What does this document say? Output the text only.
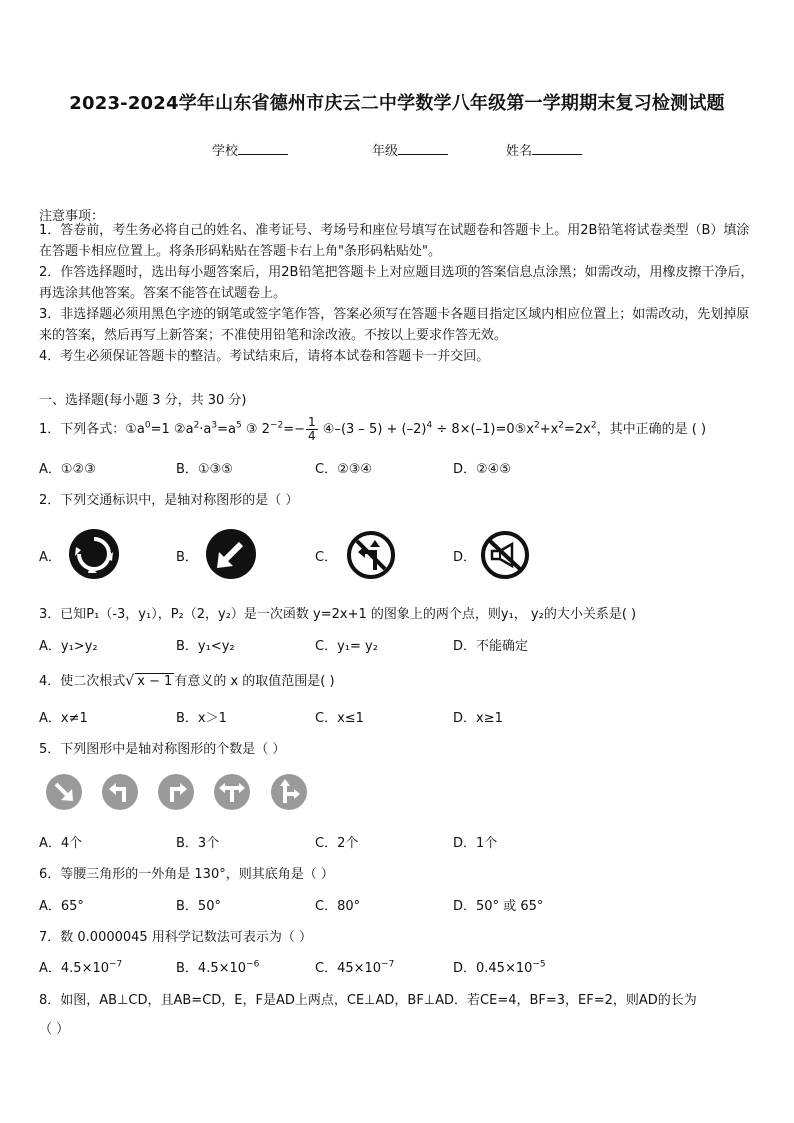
2023-2024学年山东省德州市庆云二中学数学八年级第一学期期末复习检测试题
学校	年级	姓名
注意事项：
1．答卷前，考生务必将自己的姓名、准考证号、考场号和座位号填写在试题卷和答题卡上。用2B铅笔将试卷类型（B）填涂在答题卡相应位置上。将条形码粘贴在答题卡右上角"条形码粘贴处"。
2．作答选择题时，选出每小题答案后，用2B铅笔把答题卡上对应题目选项的答案信息点涂黑；如需改动，用橡皮擦干净后，再选涂其他答案。答案不能答在试题卷上。
3．非选择题必须用黑色字迹的钢笔或签字笔作答，答案必须写在答题卡各题目指定区域内相应位置上；如需改动，先划掉原来的答案，然后再写上新答案；不准使用铅笔和涂改液。不按以上要求作答无效。
4．考生必须保证答题卡的整洁。考试结束后，请将本试卷和答题卡一并交回。
一、选择题(每小题 3 分，共 30 分)
1．下列各式：$①a^0=1$ $②a^2\cdot a^3=a^5$ ③ $2^{-2}=- \frac{1}{4}$ ④–(3 – $5) + (-2)^4$ ÷ $8\times(-1)=0⑤x^2+x^2=2x^2$，其中正确的是 ( )
A．①②③	B．①③⑤	C．②③④	D．②④⑤
2．下列交通标识中，是轴对称图形的是（ ）
A．	B．	C．	D．
3．已知P₁（-3，y₁），P₂（2，y₂）是一次函数 y=2x+1 的图象上的两个点，则y₁， y₂的大小关系是( )
A．y₁>y₂	B．y₁<y₂	C．y₁= y₂	D．不能确定
4．使二次根式√ x − 1 有意义的 x 的取值范围是( )
A．x≠1	B．x＞1	C．x≤1	D．x≥1
5．下列图形中是轴对称图形的个数是（ ）
A．4个	B．3个	C．2个	D．1个
6．等腰三角形的一外角是 130°，则其底角是（ ）
A．65°	B．50°	C．80°	D．50° 或 65°
7．数 0.0000045 用科学记数法可表示为（ ）
A．$4.5\times 10^{-7}$	B．$4.5\times 10^{-6}$	C．$45\times 10^{-7}$	D．$0.45\times 10^{-5}$
8．如图，AB⊥CD，且AB=CD，E，F是AD上两点，CE⊥AD，BF⊥AD．若CE=4，BF=3，EF=2，则AD的长为
（ ）
